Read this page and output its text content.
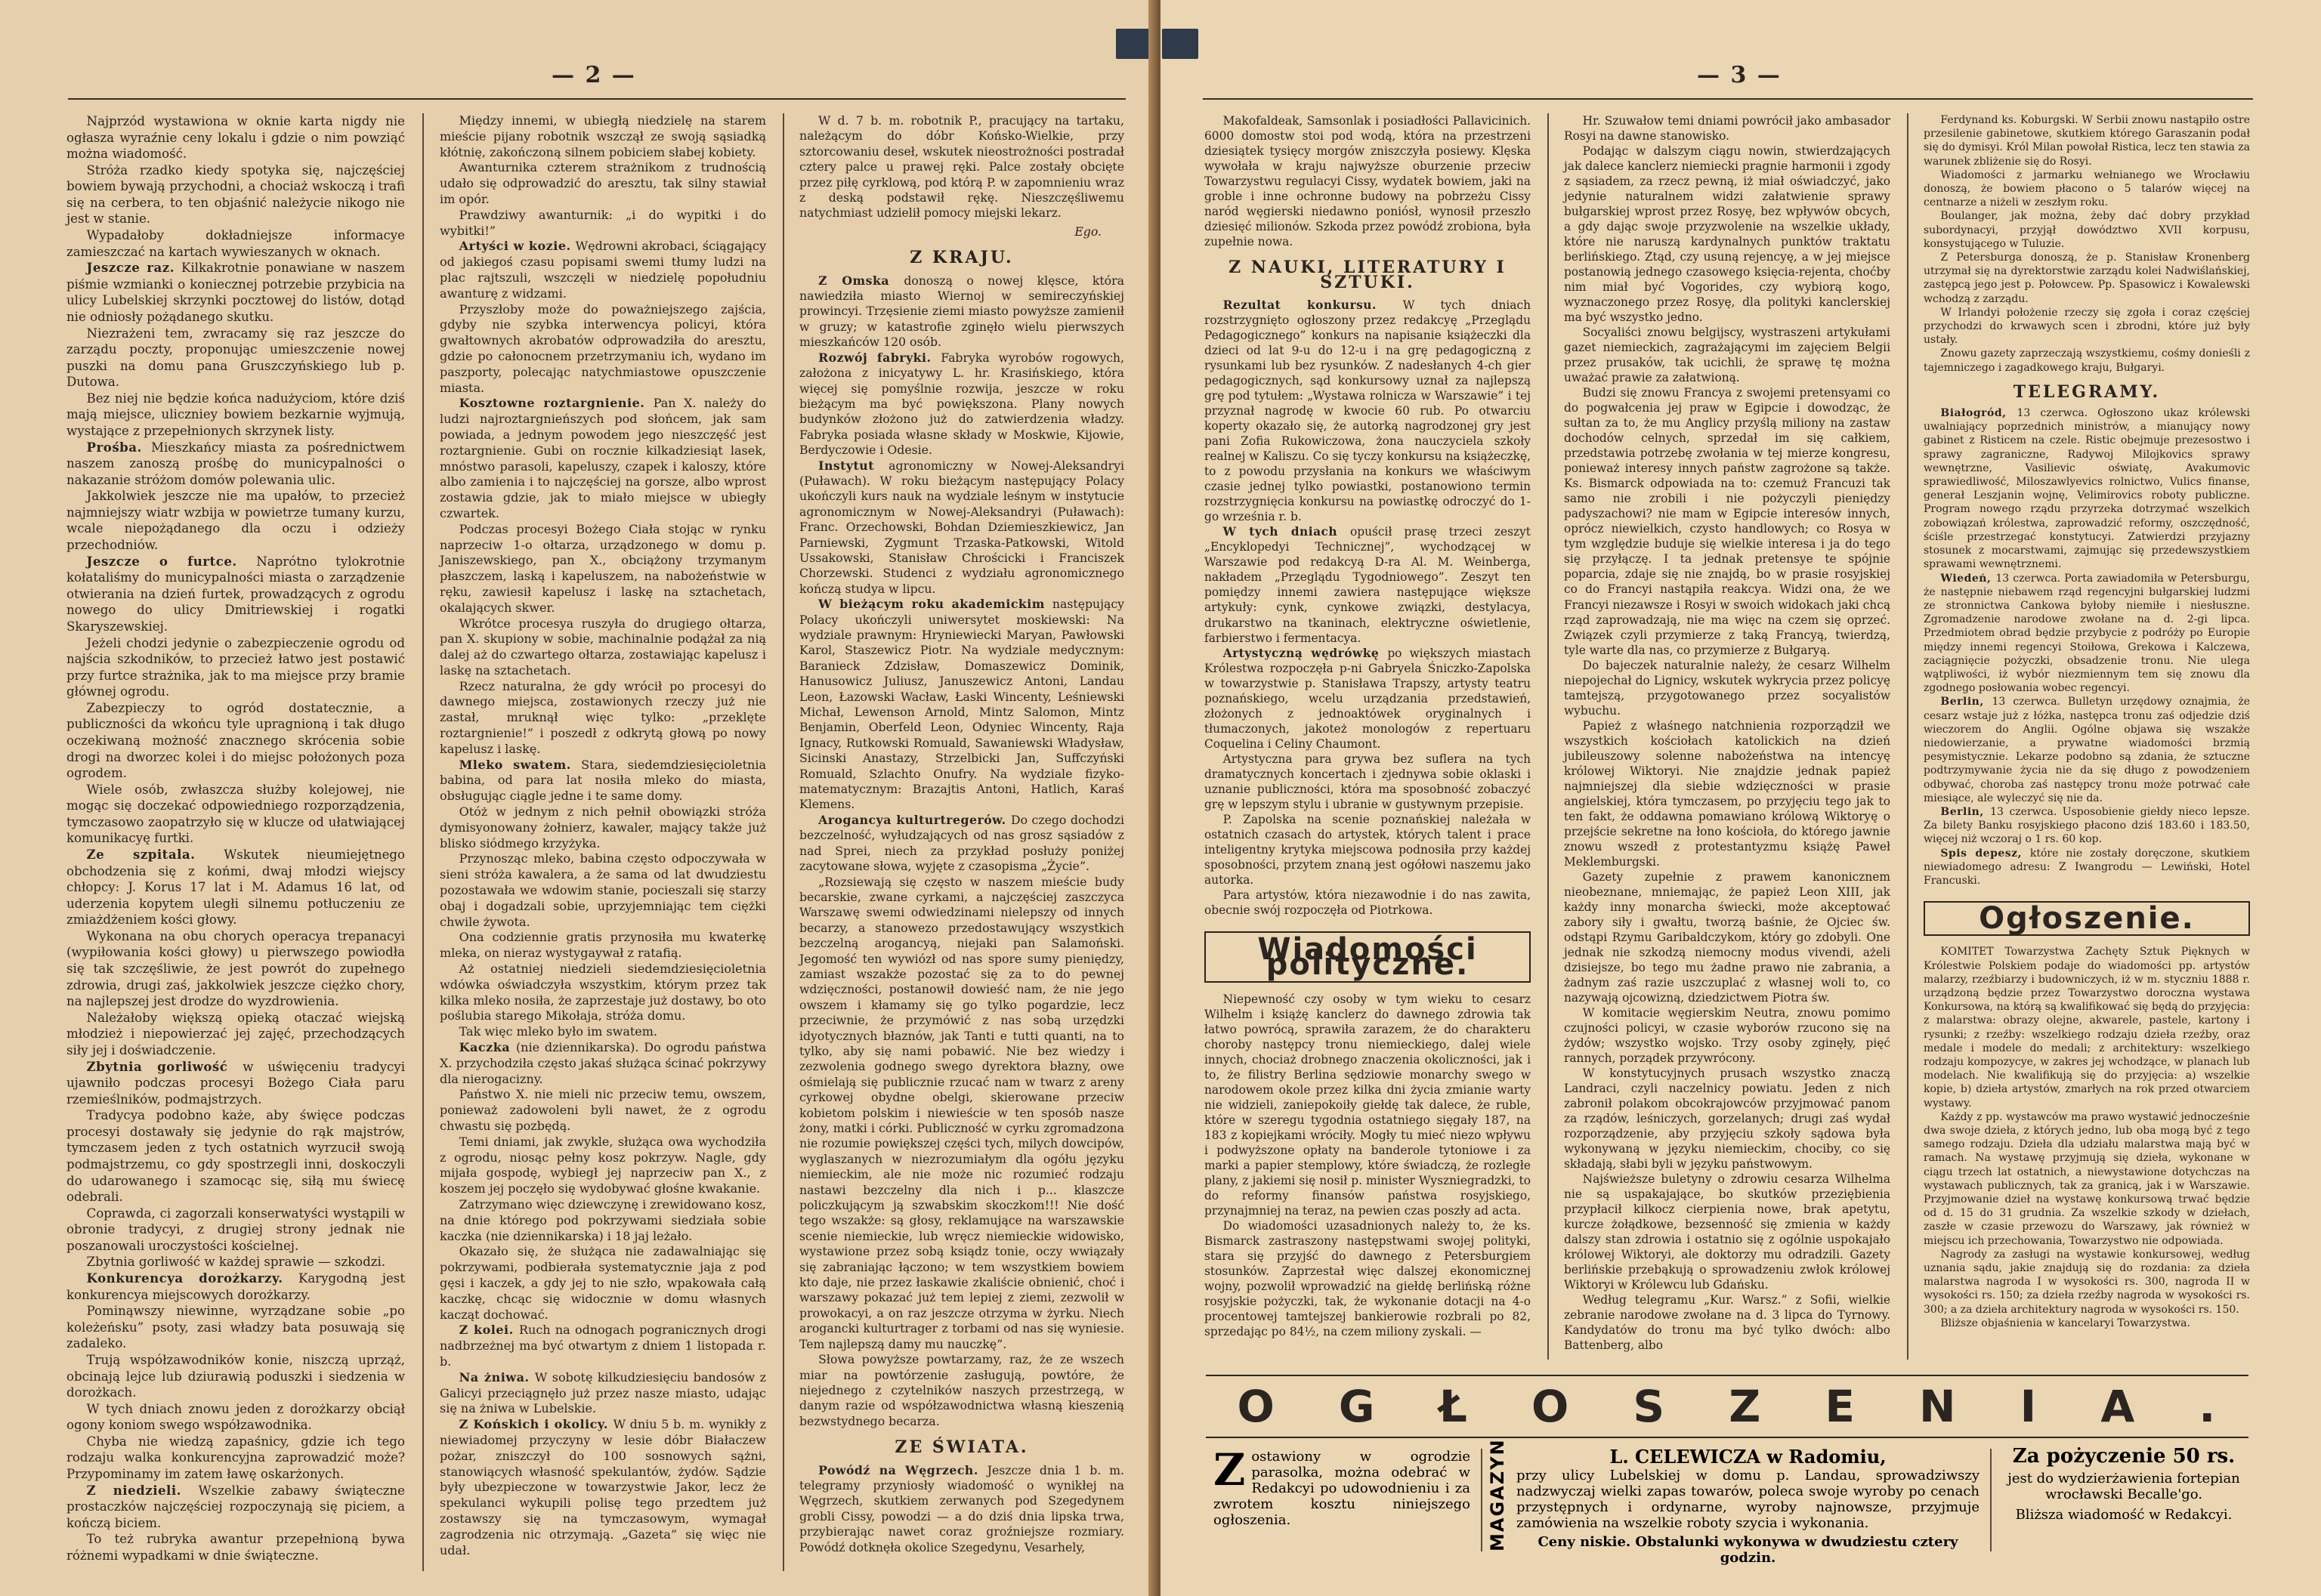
— 2 —

Najprzód wystawiona w oknie karta nigdy nie ogłasza wyraźnie ceny lokalu i gdzie o nim powziąć można wiadomość.

Stróża rzadko kiedy spotyka się, najczęściej bowiem bywają przychodni, a chociaż wskoczą i trafi się na cerbera, to ten objaśnić należycie nikogo nie jest w stanie.

Wypadałoby dokładniejsze informacye zamieszczać na kartach wywieszanych w oknach.

Jeszcze raz. Kilkakrotnie ponawiane w naszem piśmie wzmianki o koniecznej potrzebie przybicia na ulicy Lubelskiej skrzynki pocztowej do listów, dotąd nie odniosły pożądanego skutku.

Niezrażeni tem, zwracamy się raz jeszcze do zarządu poczty, proponując umieszczenie nowej puszki na domu pana Gruszczyńskiego lub p. Dutowa.

Bez niej nie będzie końca nadużyciom, które dziś mają miejsce, uliczniey bowiem bezkarnie wyjmują, wystające z przepełnionych skrzynek listy.

Prośba. Mieszkańcy miasta za pośrednictwem naszem zanoszą prośbę do municypalności o nakazanie stróżom domów polewania ulic.

Jakkolwiek jeszcze nie ma upałów, to przecież najmniejszy wiatr wzbija w powietrze tumany kurzu, wcale niepożądanego dla oczu i odzieży przechodniów.

Jeszcze o furtce. Naprótno tylokrotnie kołataliśmy do municypalności miasta o zarządzenie otwierania na dzień furtek, prowadzących z ogrodu nowego do ulicy Dmitriewskiej i rogatki Skaryszewskiej.

Jeżeli chodzi jedynie o zabezpieczenie ogrodu od najścia szkodników, to przecież łatwo jest postawić przy furtce strażnika, jak to ma miejsce przy bramie głównej ogrodu.

Zabezpieczy to ogród dostatecznie, a publiczności da wkońcu tyle upragnioną i tak długo oczekiwaną możność znacznego skrócenia sobie drogi na dworzec kolei i do miejsc położonych poza ogrodem.

Wiele osób, zwłaszcza służby kolejowej, nie mogąc się doczekać odpowiedniego rozporządzenia, tymczasowo zaopatrzyło się w klucze od ułatwiającej komunikacyę furtki.

Ze szpitala. Wskutek nieumiejętnego obchodzenia się z końmi, dwaj młodzi wiejscy chłopcy: J. Korus 17 lat i M. Adamus 16 lat, od uderzenia kopytem uległi silnemu potłuczeniu ze zmiażdżeniem kości głowy.

Wykonana na obu chorych operacya trepanacyi (wypiłowania kości głowy) u pierwszego powiodła się tak szczęśliwie, że jest powrót do zupełnego zdrowia, drugi zaś, jakkolwiek jeszcze ciężko chory, na najlepszej jest drodze do wyzdrowienia.

Należałoby większą opieką otaczać wiejską młodzież i niepowierzać jej zajęć, przechodzących siły jej i doświadczenie.

Zbytnia gorliwość w uświęceniu tradycyi ujawniło podczas procesyi Bożego Ciała paru rzemieślników, podmajstrzych.

Tradycya podobno każe, aby święce podczas procesyi dostawały się jedynie do rąk majstrów, tymczasem jeden z tych ostatnich wyrzucił swoją podmajstrzemu, co gdy spostrzegli inni, doskoczyli do udarowanego i szamocąc się, siłą mu świecę odebrali.

Coprawda, ci zagorzali konserwatyści wystąpili w obronie tradycyi, z drugiej strony jednak nie poszanowali uroczystości kościelnej.

Zbytnia gorliwość w każdej sprawie — szkodzi.

Konkurencya dorożkarzy. Karygodną jest konkurencya miejscowych dorożkarzy.

Pominąwszy niewinne, wyrządzane sobie „po koleżeńsku” psoty, zasi władzy bata posuwają się zadaleko.

Trują współzawodników konie, niszczą uprząż, obcinają lejce lub dziurawią poduszki i siedzenia w dorożkach.

W tych dniach znowu jeden z dorożkarzy obciął ogony koniom swego współzawodnika.

Chyba nie wiedzą zapaśnicy, gdzie ich tego rodzaju walka konkurencyjna zaprowadzić może? Przypominamy im zatem ławę oskarżonych.

Z niedzieli. Wszelkie zabawy świąteczne prostaczków najczęściej rozpoczynają się piciem, a kończą biciem.

To też rubryka awantur przepełnioną bywa różnemi wypadkami w dnie świąteczne.

Między innemi, w ubiegłą niedzielę na starem mieście pijany robotnik wszczął ze swoją sąsiadką kłótnię, zakończoną silnem pobiciem słabej kobiety.

Awanturnika czterem strażnikom z trudnością udało się odprowadzić do aresztu, tak silny stawiał im opór.

Prawdziwy awanturnik: „i do wypitki i do wybitki!”

Artyści w kozie. Wędrowni akrobaci, ściągający od jakiegoś czasu popisami swemi tłumy ludzi na plac rajtszuli, wszczęli w niedzielę popołudniu awanturę z widzami.

Przyszłoby może do poważniejszego zajścia, gdyby nie szybka interwencya policyi, która gwałtownych akrobatów odprowadziła do aresztu, gdzie po całonocnem przetrzymaniu ich, wydano im paszporty, polecając natychmiastowe opuszczenie miasta.

Kosztowne roztargnienie. Pan X. należy do ludzi najroztargnieńszych pod słońcem, jak sam powiada, a jednym powodem jego nieszczęść jest roztargnienie. Gubi on rocznie kilkadziesiąt lasek, mnóstwo parasoli, kapeluszy, czapek i kaloszy, które albo zamienia i to najczęściej na gorsze, albo wprost zostawia gdzie, jak to miało miejsce w ubiegły czwartek.

Podczas procesyi Bożego Ciała stojąc w rynku naprzeciw 1-o ołtarza, urządzonego w domu p. Janiszewskiego, pan X., obciążony trzymanym płaszczem, laską i kapeluszem, na nabożeństwie w ręku, zawiesił kapelusz i laskę na sztachetach, okalających skwer.

Wkrótce procesya ruszyła do drugiego ołtarza, pan X. skupiony w sobie, machinalnie podążał za nią dalej aż do czwartego ołtarza, zostawiając kapelusz i laskę na sztachetach.

Rzecz naturalna, że gdy wrócił po procesyi do dawnego miejsca, zostawionych rzeczy już nie zastał, mruknął więc tylko: „przeklęte roztargnienie!” i poszedł z odkrytą głową po nowy kapelusz i laskę.

Mleko swatem. Stara, siedemdziesięcioletnia babina, od para lat nosiła mleko do miasta, obsługując ciągle jedne i te same domy.

Otóż w jednym z nich pełnił obowiązki stróża dymisyonowany żołnierz, kawaler, mający także już blisko siódmego krzyżyka.

Przynosząc mleko, babina często odpoczywała w sieni stróża kawalera, a że sama od lat dwudziestu pozostawała we wdowim stanie, pocieszali się starzy obaj i dogadzali sobie, uprzyjemniając tem ciężki chwile żywota.

Ona codziennie gratis przynosiła mu kwaterkę mleka, on nieraz wystygaywał z ratafią.

Aż ostatniej niedzieli siedemdziesięcioletnia wdówka oświadczyła wszystkim, którym przez tak kilka mleko nosiła, że zaprzestaje już dostawy, bo oto poślubia starego Mikołaja, stróża domu.

Tak więc mleko było im swatem.

Kaczka (nie dziennikarska). Do ogrodu państwa X. przychodziła często jakaś służąca ścinać pokrzywy dla nierogacizny.

Państwo X. nie mieli nic przeciw temu, owszem, ponieważ zadowoleni byli nawet, że z ogrodu chwastu się pozbędą.

Temi dniami, jak zwykle, służąca owa wychodziła z ogrodu, niosąc pełny kosz pokrzyw. Nagle, gdy mijała gospodę, wybiegł jej naprzeciw pan X., z koszem jej poczęło się wydobywać głośne kwakanie.

Zatrzymano więc dziewczynę i zrewidowano kosz, na dnie którego pod pokrzywami siedziała sobie kaczka (nie dziennikarska) i 18 jaj leżało.

Okazało się, że służąca nie zadawalniając się pokrzywami, podbierała systematycznie jaja z pod gęsi i kaczek, a gdy jej to nie szło, wpakowała całą kaczkę, chcąc się widocznie w domu własnych kacząt dochować.

Z kolei. Ruch na odnogach pogranicznych drogi nadbrzeżnej ma być otwartym z dniem 1 listopada r. b.

Na żniwa. W sobotę kilkudziesięciu bandosów z Galicyi przeciągnęło już przez nasze miasto, udając się na żniwa w Lubelskie.

Z Końskich i okolicy. W dniu 5 b. m. wynikły z niewiadomej przyczyny w lesie dóbr Białaczew pożar, zniszczył do 100 sosnowych sążni, stanowiących własność spekulantów, żydów. Sądzie były ubezpieczone w towarzystwie Jakor, lecz że spekulanci wykupili polisę tego przedtem już zostawszy się na tymczasowym, wymagał zagrodzenia nic otrzymają. „Gazeta” się więc nie udał.

W d. 7 b. m. robotnik P., pracujący na tartaku, należącym do dóbr Końsko-Wielkie, przy sztorcowaniu deseł, wskutek nieostrożności postradał cztery palce u prawej ręki. Palce zostały obcięte przez piłę cyrklową, pod którą P. w zapomnieniu wraz z deską podstawił rękę. Nieszczęśliwemu natychmiast udzielił pomocy miejski lekarz.

Ego.
Z KRAJU.

Z Omska donoszą o nowej klęsce, która nawiedziła miasto Wiernoj w semireczyńskiej prowincyi. Trzęsienie ziemi miasto powyższe zamienił w gruzy; w katastrofie zginęło wielu pierwszych mieszkańców 120 osób.

Rozwój fabryki. Fabryka wyrobów rogowych, założona z inicyatywy L. hr. Krasińskiego, która więcej się pomyślnie rozwija, jeszcze w roku bieżącym ma być powiększona. Plany nowych budynków złożono już do zatwierdzenia władzy. Fabryka posiada własne składy w Moskwie, Kijowie, Berdyczowie i Odesie.

Instytut agronomiczny w Nowej-Aleksandryi (Puławach). W roku bieżącym następujący Polacy ukończyli kurs nauk na wydziale leśnym w instytucie agronomicznym w Nowej-Aleksandryi (Puławach): Franc. Orzechowski, Bohdan Dziemieszkiewicz, Jan Parniewski, Zygmunt Trzaska-Patkowski, Witold Ussakowski, Stanisław Chrościcki i Franciszek Chorzewski. Studenci z wydziału agronomicznego kończą studya w lipcu.

W bieżącym roku akademickim następujący Polacy ukończyli uniwersytet moskiewski: Na wydziale prawnym: Hryniewiecki Maryan, Pawłowski Karol, Staszewicz Piotr. Na wydziale medycznym: Baranieck Zdzisław, Domaszewicz Dominik, Hanusowicz Juliusz, Januszewicz Antoni, Landau Leon, Łazowski Wacław, Łaski Wincenty, Leśniewski Michał, Lewenson Arnold, Mintz Salomon, Mintz Benjamin, Oberfeld Leon, Odyniec Wincenty, Raja Ignacy, Rutkowski Romuald, Sawaniewski Władysław, Sicinski Anastazy, Strzelbicki Jan, Suffczyński Romuald, Szlachto Onufry. Na wydziale fizyko-matematycznym: Brazajtis Antoni, Hatlich, Karaś Klemens.

Arogancya kulturtregerów. Do czego dochodzi bezczelność, wyłudzających od nas grosz sąsiadów z nad Sprei, niech za przykład posłuży poniżej zacytowane słowa, wyjęte z czasopisma „Życie”.

„Rozsiewają się często w naszem mieście budy becarskie, zwane cyrkami, a najczęściej zaszczyca Warszawę swemi odwiedzinami nielepszy od innych becarzy, a stanowezo przedostawujący wszystkich bezczelną arogancyą, niejaki pan Salamoński. Jegomość ten wywiózł od nas spore sumy pieniędzy, zamiast wszakże pozostać się za to do pewnej wdzięczności, postanowił dowieść nam, że nie jego owszem i kłamamy się go tylko pogardzie, lecz przeciwnie, że przymówić z nas sobą urzędzki idyotycznych błaznów, jak Tanti e tutti quanti, na to tylko, aby się nami pobawić. Nie bez wiedzy i zezwolenia godnego swego dyrektora błazny, owe ośmielają się publicznie rzucać nam w twarz z areny cyrkowej obydne obelgi, skierowane przeciw kobietom polskim i niewieście w ten sposób nasze żony, matki i córki. Publiczność w cyrku zgromadzona nie rozumie powiększej części tych, milych dowcipów, wyglaszanych w niezrozumiałym dla ogółu języku niemieckim, ale nie może nic rozumieć rodzaju nastawi bezczelny dla nich i p... klaszcze policzkującym ją szwabskim skoczkom!!! Nie dość tego wszakże: są głosy, reklamujące na warszawskie scenie niemieckie, lub wręcz niemieckie widowisko, wystawione przez sobą ksiądz tonie, oczy wwiązały się zabraniając łączono; w tem wszystkiem bowiem kto daje, nie przez łaskawie zkaliście obnienić, choć i warszawy pokazać już tem lepiej z ziemi, zezwolił w prowokacyi, a on raz jeszcze otrzyma w żyrku. Niech arogancki kulturtrager z torbami od nas się wyniesie. Tem najlepszą damy mu nauczkę”.

Słowa powyższe powtarzamy, raz, że ze wszech miar na powtórzenie zasługują, powtóre, że niejednego z czytelników naszych przestrzegą, w danym razie od współzawodnictwa własną kieszenią bezwstydnego becarza.

ZE ŚWIATA.

Powódź na Węgrzech. Jeszcze dnia 1 b. m. telegramy przyniosły wiadomość o wynikłej na Węgrzech, skutkiem zerwanych pod Szegedynem grobli Cissy, powodzi — a do dziś dnia lipska trwa, przybierając nawet coraz groźniejsze rozmiary. Powódź dotknęła okolice Szegedynu, Vesarhely,

— 3 —

Makofaldeak, Samsonlak i posiadłości Pallavicinich. 6000 domostw stoi pod wodą, która na przestrzeni dziesiątek tysięcy morgów zniszczyła posiewy. Klęska wywołała w kraju najwyższe oburzenie przeciw Towarzystwu regulacyi Cissy, wydatek bowiem, jaki na groble i inne ochronne budowy na pobrzeżu Cissy naród węgierski niedawno poniósł, wynosił przeszło dziesięć milionów. Szkoda przez powódź zrobiona, była zupełnie nowa.

Z NAUKI, LITERATURY I SZTUKI.

Rezultat konkursu. W tych dniach rozstrzygnięto ogłoszony przez redakcyę „Przeglądu Pedagogicznego” konkurs na napisanie książeczki dla dzieci od lat 9-u do 12-u i na grę pedagogiczną z rysunkami lub bez rysunków. Z nadesłanych 4-ch gier pedagogicznych, sąd konkursowy uznał za najlepszą grę pod tytułem: „Wystawa rolnicza w Warszawie” i tej przyznał nagrodę w kwocie 60 rub. Po otwarciu koperty okazało się, że autorką nagrodzonej gry jest pani Zofia Rukowiczowa, żona nauczyciela szkoły realnej w Kaliszu. Co się tyczy konkursu na książeczkę, to z powodu przysłania na konkurs we właściwym czasie jednej tylko powiastki, postanowiono termin rozstrzygnięcia konkursu na powiastkę odroczyć do 1-go września r. b.

W tych dniach opuścił prasę trzeci zeszyt „Encyklopedyi Technicznej”, wychodzącej w Warszawie pod redakcyą D-ra Al. M. Weinberga, nakładem „Przeglądu Tygodniowego”. Zeszyt ten pomiędzy innemi zawiera następujące większe artykuły: cynk, cynkowe związki, destylacya, drukarstwo na tkaninach, elektryczne oświetlenie, farbierstwo i fermentacya.

Artystyczną wędrówkę po większych miastach Królestwa rozpoczęła p-ni Gabryela Śniczko-Zapolska w towarzystwie p. Stanisława Trapszy, artysty teatru poznańskiego, wcelu urządzania przedstawień, złożonych z jednoaktówek oryginalnych i tłumaczonych, jakoteż monologów z repertuaru Coquelina i Celiny Chaumont.

Artystyczna para grywa bez suflera na tych dramatycznych koncertach i zjednywa sobie oklaski i uznanie publiczności, która ma sposobność zobaczyć grę w lepszym stylu i ubranie w gustywnym przepisie.

P. Zapolska na scenie poznańskiej należała w ostatnich czasach do artystek, których talent i prace inteligentny krytyka miejscowa podnosiła przy każdej sposobności, przytem znaną jest ogółowi naszemu jako autorka.

Para artystów, która niezawodnie i do nas zawita, obecnie swój rozpoczęła od Piotrkowa.

Wiadomości polityczne.

Niepewność czy osoby w tym wieku to cesarz Wilhelm i książę kanclerz do dawnego zdrowia tak łatwo powrócą, sprawiła zarazem, że do charakteru choroby następcy tronu niemieckiego, dalej wiele innych, chociaż drobnego znaczenia okoliczności, jak i to, że filistry Berlina sędziowie monarchy swego w narodowem okole przez kilka dni życia zmianie warty nie widzieli, zaniepokoiły giełdę tak dalece, że ruble, które w szeregu tygodnia ostatniego sięgały 187, na 183 z kopiejkami wróciły. Mogły tu mieć niezo wpływu i podwyższone opłaty na banderole tytoniowe i za marki a papier stemplowy, które świadczą, że rozległe plany, z jakiemi się nosił p. minister Wyszniegradzki, to do reformy finansów państwa rosyjskiego, przynajmniej na teraz, na pewien czas poszły ad acta.

Do wiadomości uzasadnionych należy to, że ks. Bismarck zastraszony następstwami swojej polityki, stara się przyjść do dawnego z Petersburgiem stosunków. Zaprzestał więc dalszej ekonomicznej wojny, pozwolił wprowadzić na giełdę berlińską różne rosyjskie pożyczki, tak, że wykonanie dotacji na 4-o procentowej tamtejszej bankierowie rozbrali po 82, sprzedając po 84½, na czem miliony zyskali. —

Hr. Szuwałow temi dniami powrócił jako ambasador Rosyi na dawne stanowisko.

Podając w dalszym ciągu nowin, stwierdzających jak dalece kanclerz niemiecki pragnie harmonii i zgody z sąsiadem, za rzecz pewną, iż miał oświadczyć, jako jedynie naturalnem widzi załatwienie sprawy bułgarskiej wprost przez Rosyę, bez wpływów obcych, a gdy dając swoje przyzwolenie na wszelkie układy, które nie naruszą kardynalnych punktów traktatu berlińskiego. Ztąd, czy usuną rejencyę, a w jej miejsce postanowią jednego czasowego księcia-rejenta, choćby nim miał być Vogorides, czy wybiorą kogo, wyznaczonego przez Rosyę, dla polityki kanclerskiej ma być wszystko jedno.

Socyaliści znowu belgijscy, wystraszeni artykułami gazet niemieckich, zagrażającymi im zajęciem Belgii przez prusaków, tak ucichli, że sprawę tę można uważać prawie za załatwioną.

Budzi się znowu Francya z swojemi pretensyami co do pogwałcenia jej praw w Egipcie i dowodząc, że sułtan za to, że mu Anglicy przyślą miliony na zastaw dochodów celnych, sprzedał im się całkiem, przedstawia potrzebę zwołania w tej mierze kongresu, ponieważ interesy innych państw zagrożone są także. Ks. Bismarck odpowiada na to: czemuż Francuzi tak samo nie zrobili i nie pożyczyli pieniędzy padyszachowi? nie mam w Egipcie interesów innych, oprócz niewielkich, czysto handlowych; co Rosya w tym względzie buduje się wielkie interesa i ja do tego się przyłączę. I ta jednak pretensye te spójnie poparcia, zdaje się nie znajdą, bo w prasie rosyjskiej co do Francyi nastąpiła reakcya. Widzi ona, że we Francyi niezawsze i Rosyi w swoich widokach jaki chcą rząd zaprowadzają, nie ma więc na czem się oprzeć. Związek czyli przymierze z taką Francyą, twierdzą, tyle warte dla nas, co przymierze z Bułgaryą.

Do bajeczek naturalnie należy, że cesarz Wilhelm niepojechał do Lignicy, wskutek wykrycia przez policyę tamtejszą, przygotowanego przez socyalistów wybuchu.

Papież z właśnego natchnienia rozporządził we wszystkich kościołach katolickich na dzień jubileuszowy solenne nabożeństwa na intencyę królowej Wiktoryi. Nie znajdzie jednak papież najmniejszej dla siebie wdzięczności w prasie angielskiej, która tymczasem, po przyjęciu tego jak to ten fakt, że oddawna pomawiano królową Wiktoryę o przejście sekretne na łono kościoła, do którego jawnie znowu wszedł z protestantyzmu książę Paweł Meklemburgski.

Gazety zupełnie z prawem kanonicznem nieobeznane, mniemając, że papież Leon XIII, jak każdy inny monarcha świecki, może akceptować zabory siły i gwałtu, tworzą baśnie, że Ojciec św. odstąpi Rzymu Garibaldczykom, który go zdobyli. One jednak nie szkodzą niemocny modus vivendi, ażeli dzisiejsze, bo tego mu żadne prawo nie zabrania, a żadnym zaś razie uszczuplać z własnej woli to, co nazywają ojcowizną, dziedzictwem Piotra św.

W komitacie węgierskim Neutra, znowu pomimo czujności policyi, w czasie wyborów rzucono się na żydów; wszystko wojsko. Trzy osoby zginęły, pięć rannych, porządek przywrócony.

W konstytucyjnych prusach wszystko znaczą Landraci, czyli naczelnicy powiatu. Jeden z nich zabronił polakom obcokrajowców przyjmować panom za rządów, leśniczych, gorzelanych; drugi zaś wydał rozporządzenie, aby przyjęciu szkoły sądowa była wykonywaną w języku niemieckim, chociby, co się składają, słabi byli w języku państwowym.

Najświeższe buletyny o zdrowiu cesarza Wilhelma nie są uspakajające, bo skutków przeziębienia przypłacił kilkocz cierpienia nowe, brak apetytu, kurcze żołądkowe, bezsenność się zmienia w każdy dalszy stan zdrowia i ostatnio się z ogólnie uspokajało królowej Wiktoryi, ale doktorzy mu odradzili. Gazety berlińskie przebąkują o sprowadzeniu zwłok królowej Wiktoryi w Królewcu lub Gdańsku.

Według telegramu „Kur. Warsz.” z Sofii, wielkie zebranie narodowe zwołane na d. 3 lipca do Tyrnowy. Kandydatów do tronu ma być tylko dwóch: albo Battenberg, albo

Ferdynand ks. Koburgski. W Serbii znowu nastąpiło ostre przesilenie gabinetowe, skutkiem którego Garaszanin podał się do dymisyi. Król Milan powołał Ristica, lecz ten stawia za warunek zbliżenie się do Rosyi.

Wiadomości z jarmarku wełnianego we Wrocławiu donoszą, że bowiem płacono o 5 talarów więcej na centnarze a niżeli w zeszłym roku.

Boulanger, jak można, żeby dać dobry przykład subordynacyi, przyjął dowództwo XVII korpusu, konsystującego w Tuluzie.

Z Petersburga donoszą, że p. Stanisław Kronenberg utrzymał się na dyrektorstwie zarządu kolei Nadwiślańskiej, zastępcą jego jest p. Połowcew. Pp. Spasowicz i Kowalewski wchodzą z zarządu.

W Irlandyi położenie rzeczy się zgoła i coraz częściej przychodzi do krwawych scen i zbrodni, które już były ustały.

Znowu gazety zaprzeczają wszystkiemu, cośmy donieśli z tajemniczego i zagadkowego kraju, Bułgaryi.

TELEGRAMY.

Białogród, 13 czerwca. Ogłoszono ukaz królewski uwalniający poprzednich ministrów, a mianujący nowy gabinet z Risticem na czele. Ristic obejmuje prezesostwo i sprawy zagraniczne, Radywoj Milojkovics sprawy wewnętrzne, Vasilievic oświatę, Avakumovic sprawiedliwość, Miloszawlyevics rolnictwo, Vulics finanse, generał Leszjanin wojnę, Velimirovics roboty publiczne. Program nowego rządu przyrzeka dotrzymać wszelkich zobowiązań królestwa, zaprowadzić reformy, oszczędność, ściśle przestrzegać konstytucyi. Zatwierdzi przyjazny stosunek z mocarstwami, zajmując się przedewszystkiem sprawami wewnętrznemi.

Wiedeń, 13 czerwca. Porta zawiadomiła w Petersburgu, że następnie niebawem rząd regencyjni bułgarskiej ludzmi ze stronnictwa Cankowa byłoby niemiłe i niesłuszne. Zgromadzenie narodowe zwołane na d. 2-gi lipca. Przedmiotem obrad będzie przybycie z podróży po Europie między innemi regencyi Stoiłowa, Grekowa i Kalczewa, zaciągnięcie pożyczki, obsadzenie tronu. Nie ulega wątpliwości, iż wybór niezmiennym tem się znowu dla zgodnego posłowania wobec regencyi.

Berlin, 13 czerwca. Bulletyn urzędowy oznajmia, że cesarz wstaje już z łóżka, następca tronu zaś odjedzie dziś wieczorem do Anglii. Ogólne objawa się wszakże niedowierzanie, a prywatne wiadomości brzmią pesymistycznie. Lekarze podobno są zdania, że sztuczne podtrzymywanie życia nie da się długo z powodzeniem odbywać, choroba zaś następcy tronu może potrwać całe miesiące, ale wyleczyć się nie da.

Berlin, 13 czerwca. Usposobienie giełdy nieco lepsze. Za bilety Banku rosyjskiego płacono dziś 183.60 i 183.50, więcej niż wczoraj o 1 rs. 60 kop.

Spis depesz, które nie zostały doręczone, skutkiem niewiadomego adresu: Z Iwangrodu — Lewiński, Hotel Francuski.

Ogłoszenie.

KOMITET Towarzystwa Zachęty Sztuk Pięknych w Królestwie Polskiem podaje do wiadomości pp. artystów malarzy, rzeźbiarzy i budowniczych, iż w m. styczniu 1888 r. urządzoną będzie przez Towarzystwo doroczna wystawa Konkursowa, na którą są kwalifikować się będą do przyjęcia: z malarstwa: obrazy olejne, akwarele, pastele, kartony i rysunki; z rzeźby: wszelkiego rodzaju dzieła rzeźby, oraz medale i modele do medali; z architektury: wszelkiego rodzaju kompozycye, w zakres jej wchodzące, w planach lub modelach. Nie kwalifikują się do przyjęcia: a) wszelkie kopie, b) dzieła artystów, zmarłych na rok przed otwarciem wystawy.

Każdy z pp. wystawców ma prawo wystawić jednocześnie dwa swoje dzieła, z których jedno, lub oba mogą być z tego samego rodzaju. Dzieła dla udziału malarstwa mają być w ramach. Na wystawę przyjmują się dzieła, wykonane w ciągu trzech lat ostatnich, a niewystawione dotychczas na wystawach publicznych, tak za granicą, jak i w Warszawie. Przyjmowanie dzieł na wystawę konkursową trwać będzie od d. 15 do 31 grudnia. Za wszelkie szkody w dziełach, zaszłe w czasie przewozu do Warszawy, jak również w miejscu ich przechowania, Towarzystwo nie odpowiada.

Nagrody za zasługi na wystawie konkursowej, według uznania sądu, jakie znajdują się do rozdania: za dzieła malarstwa nagroda I w wysokości rs. 300, nagroda II w wysokości rs. 150; za dzieła rzeźby nagroda w wysokości rs. 300; a za dzieła architektury nagroda w wysokości rs. 150.

Bliższe objaśnienia w kancelaryi Towarzystwa.

O G Ł O S Z E N I A .
Z ostawiony w ogrodzie parasolka, można odebrać w Redakcyi po udowodnieniu i za zwrotem kosztu niniejszego ogłoszenia.	MAGAZYN	L. CELEWICZA w Radomiu,
przy ulicy Lubelskiej w domu p. Landau, sprowadziwszy nadzwyczaj wielki zapas towarów, poleca swoje wyroby po cenach przystępnych i ordynarne, wyroby najnowsze, przyjmuje zamówienia na wszelkie roboty szycia i wykonania.
Ceny niskie. Obstalunki wykonywa w dwudziestu cztery godzin.
Za pożyczenie 50 rs.
jest do wydzierżawienia fortepian wrocławski Becalle'go.
Bliższa wiadomość w Redakcyi.
